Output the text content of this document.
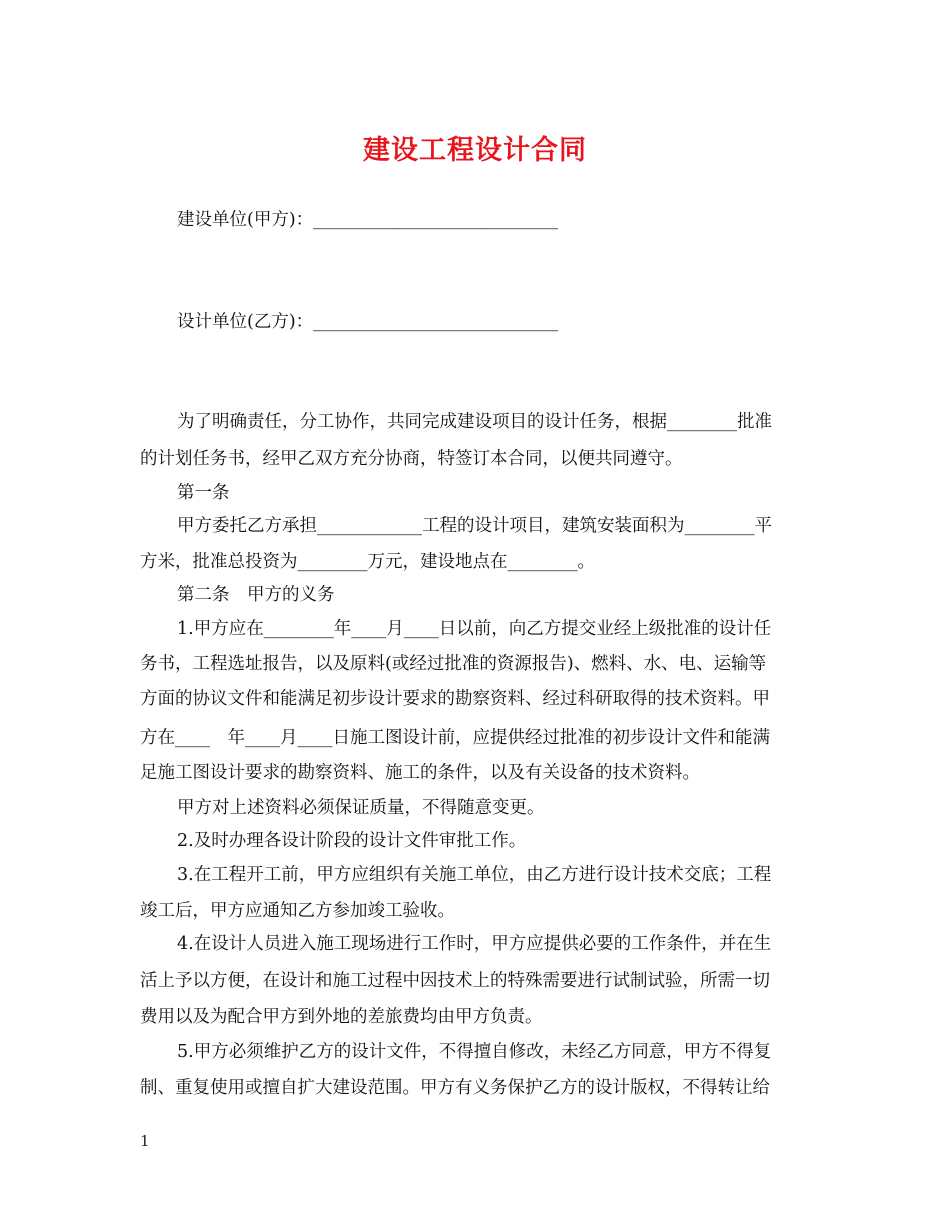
建设工程设计合同
建设单位(甲方)：____________________________
设计单位(乙方)：____________________________
为了明确责任，分工协作，共同完成建设项目的设计任务，根据________批准
的计划任务书，经甲乙双方充分协商，特签订本合同，以便共同遵守。
第一条
甲方委托乙方承担____________工程的设计项目，建筑安装面积为________平
方米，批准总投资为________万元，建设地点在________。
第二条　甲方的义务
1.甲方应在________年____月____日以前，向乙方提交业经上级批准的设计任
务书，工程选址报告，以及原料(或经过批准的资源报告)、燃料、水、电、运输等
方面的协议文件和能满足初步设计要求的勘察资料、经过科研取得的技术资料。甲
方在____　年____月____日施工图设计前，应提供经过批准的初步设计文件和能满
足施工图设计要求的勘察资料、施工的条件，以及有关设备的技术资料。
甲方对上述资料必须保证质量，不得随意变更。
2.及时办理各设计阶段的设计文件审批工作。
3.在工程开工前，甲方应组织有关施工单位，由乙方进行设计技术交底；工程
竣工后，甲方应通知乙方参加竣工验收。
4.在设计人员进入施工现场进行工作时，甲方应提供必要的工作条件，并在生
活上予以方便，在设计和施工过程中因技术上的特殊需要进行试制试验，所需一切
费用以及为配合甲方到外地的差旅费均由甲方负责。
5.甲方必须维护乙方的设计文件，不得擅自修改，未经乙方同意，甲方不得复
制、重复使用或擅自扩大建设范围。甲方有义务保护乙方的设计版权，不得转让给
1
